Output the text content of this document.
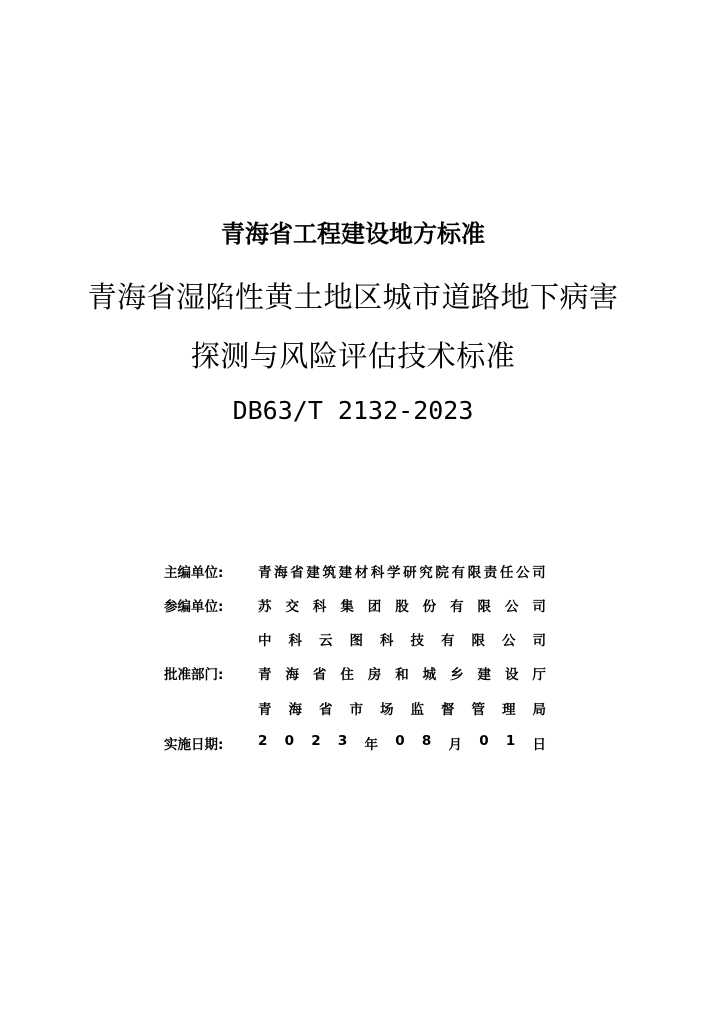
青海省工程建设地方标准
青海省湿陷性黄土地区城市道路地下病害
探测与风险评估技术标准
DB63/T 2132-2023
主编单位:	青 海 省 建 筑 建 材 科 学 研 究 院 有 限 责 任 公 司
参编单位:	苏 交 科 集 团 股 份 有 限 公 司
中 科 云 图 科 技 有 限 公 司
批准部门:	青 海 省 住 房 和 城 乡 建 设 厅
青 海 省 市 场 监 督 管 理 局
实施日期:	2 0 2 3 年 0 8 月 0 1 日
